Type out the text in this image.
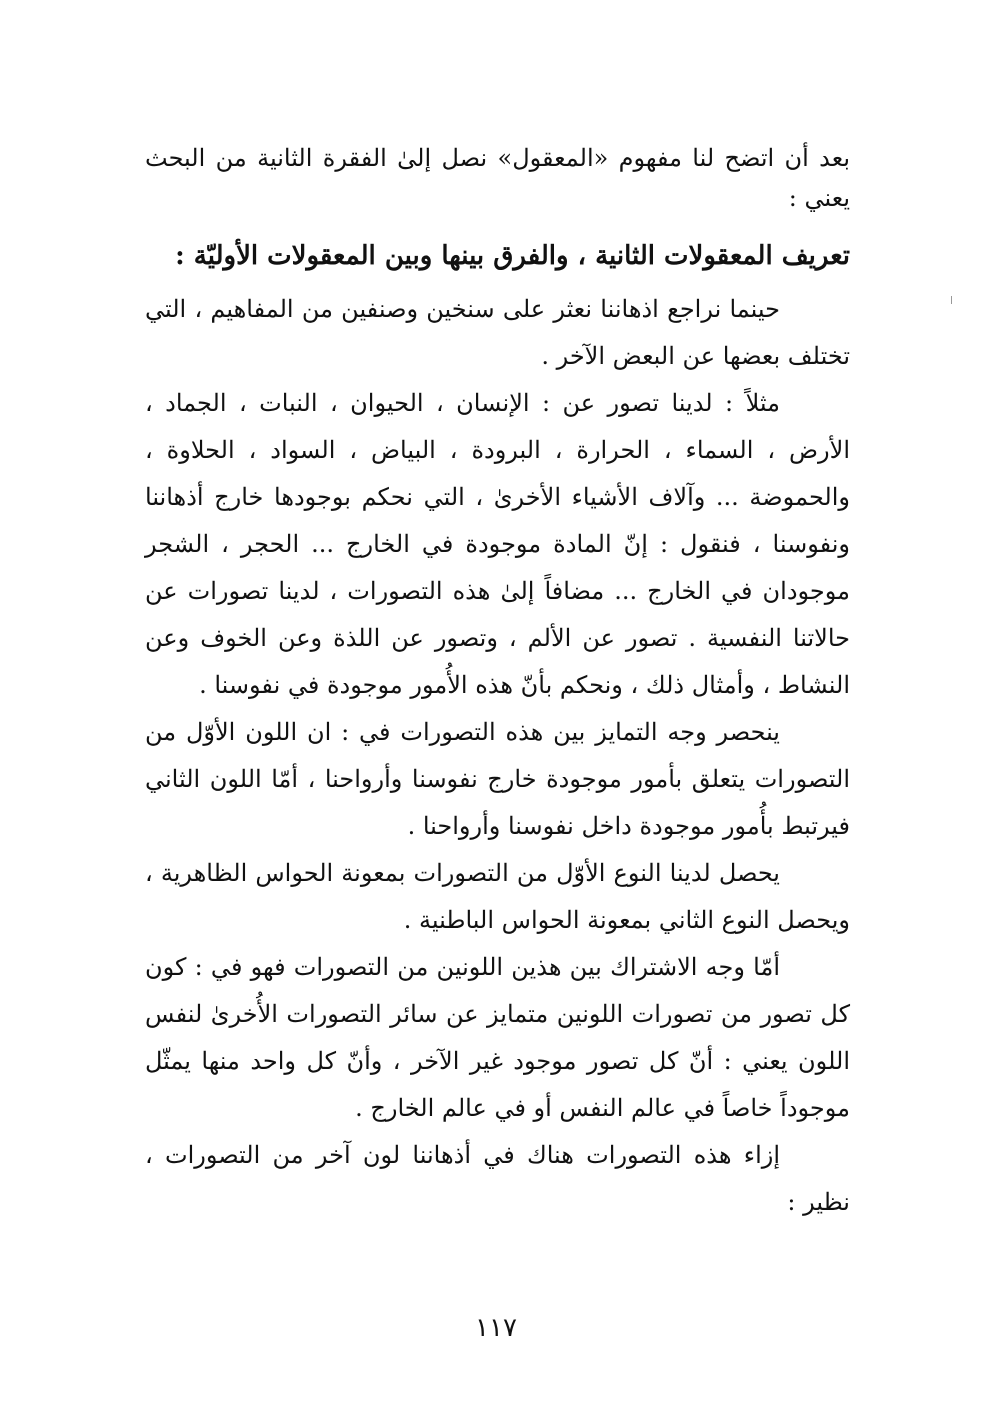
بعد أن اتضح لنا مفهوم «المعقول» نصل إلىٰ الفقرة الثانية من البحث يعني :
تعريف المعقولات الثانية ، والفرق بينها وبين المعقولات الأوليّة :

حينما نراجع اذهاننا نعثر على سنخين وصنفين من المفاهيم ، التي تختلف بعضها عن البعض الآخر .

مثلاً : لدينا تصور عن : الإنسان ، الحيوان ، النبات ، الجماد ، الأرض ، السماء ، الحرارة ، البرودة ، البياض ، السواد ، الحلاوة ، والحموضة ... وآلاف الأشياء الأخرىٰ ، التي نحكم بوجودها خارج أذهاننا ونفوسنا ، فنقول : إنّ المادة موجودة في الخارج ... الحجر ، الشجر موجودان في الخارج ... مضافاً إلىٰ هذه التصورات ، لدينا تصورات عن حالاتنا النفسية . تصور عن الألم ، وتصور عن اللذة وعن الخوف وعن النشاط ، وأمثال ذلك ، ونحكم بأنّ هذه الأُمور موجودة في نفوسنا .

ينحصر وجه التمايز بين هذه التصورات في : ان اللون الأوّل من التصورات يتعلق بأمور موجودة خارج نفوسنا وأرواحنا ، أمّا اللون الثاني فيرتبط بأُمور موجودة داخل نفوسنا وأرواحنا .

يحصل لدينا النوع الأوّل من التصورات بمعونة الحواس الظاهرية ، ويحصل النوع الثاني بمعونة الحواس الباطنية .

أمّا وجه الاشتراك بين هذين اللونين من التصورات فهو في : كون كل تصور من تصورات اللونين متمايز عن سائر التصورات الأُخرىٰ لنفس اللون يعني : أنّ كل تصور موجود غير الآخر ، وأنّ كل واحد منها يمثّل موجوداً خاصاً في عالم النفس أو في عالم الخارج .

إزاء هذه التصورات هناك في أذهاننا لون آخر من التصورات ، نظير :

١١٧
